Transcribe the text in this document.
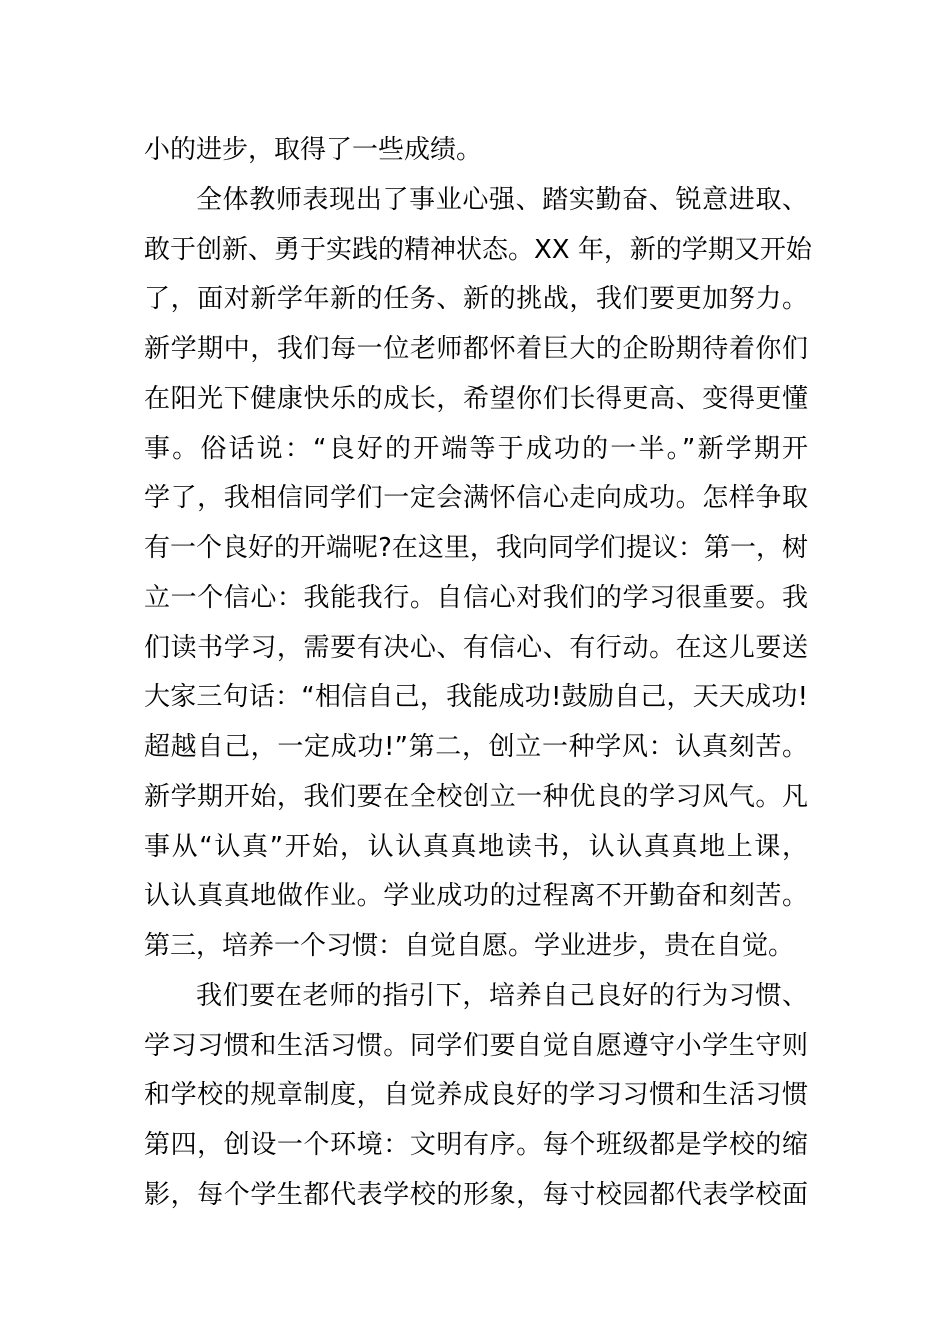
小的进步，取得了一些成绩。
全体教师表现出了事业心强、踏实勤奋、锐意进取、
敢于创新、勇于实践的精神状态。XX 年，新的学期又开始
了，面对新学年新的任务、新的挑战，我们要更加努力。
新学期中，我们每一位老师都怀着巨大的企盼期待着你们
在阳光下健康快乐的成长，希望你们长得更高、变得更懂
事。俗话说：“良好的开端等于成功的一半。”新学期开
学了，我相信同学们一定会满怀信心走向成功。怎样争取
有一个良好的开端呢?在这里，我向同学们提议：第一，树
立一个信心：我能我行。自信心对我们的学习很重要。我
们读书学习，需要有决心、有信心、有行动。在这儿要送
大家三句话：“相信自己，我能成功!鼓励自己，天天成功!
超越自己，一定成功!”第二，创立一种学风：认真刻苦。
新学期开始，我们要在全校创立一种优良的学习风气。凡
事从“认真”开始，认认真真地读书，认认真真地上课，
认认真真地做作业。学业成功的过程离不开勤奋和刻苦。
第三，培养一个习惯：自觉自愿。学业进步，贵在自觉。
我们要在老师的指引下，培养自己良好的行为习惯、
学习习惯和生活习惯。同学们要自觉自愿遵守小学生守则
和学校的规章制度，自觉养成良好的学习习惯和生活习惯
第四，创设一个环境：文明有序。每个班级都是学校的缩
影，每个学生都代表学校的形象，每寸校园都代表学校面
